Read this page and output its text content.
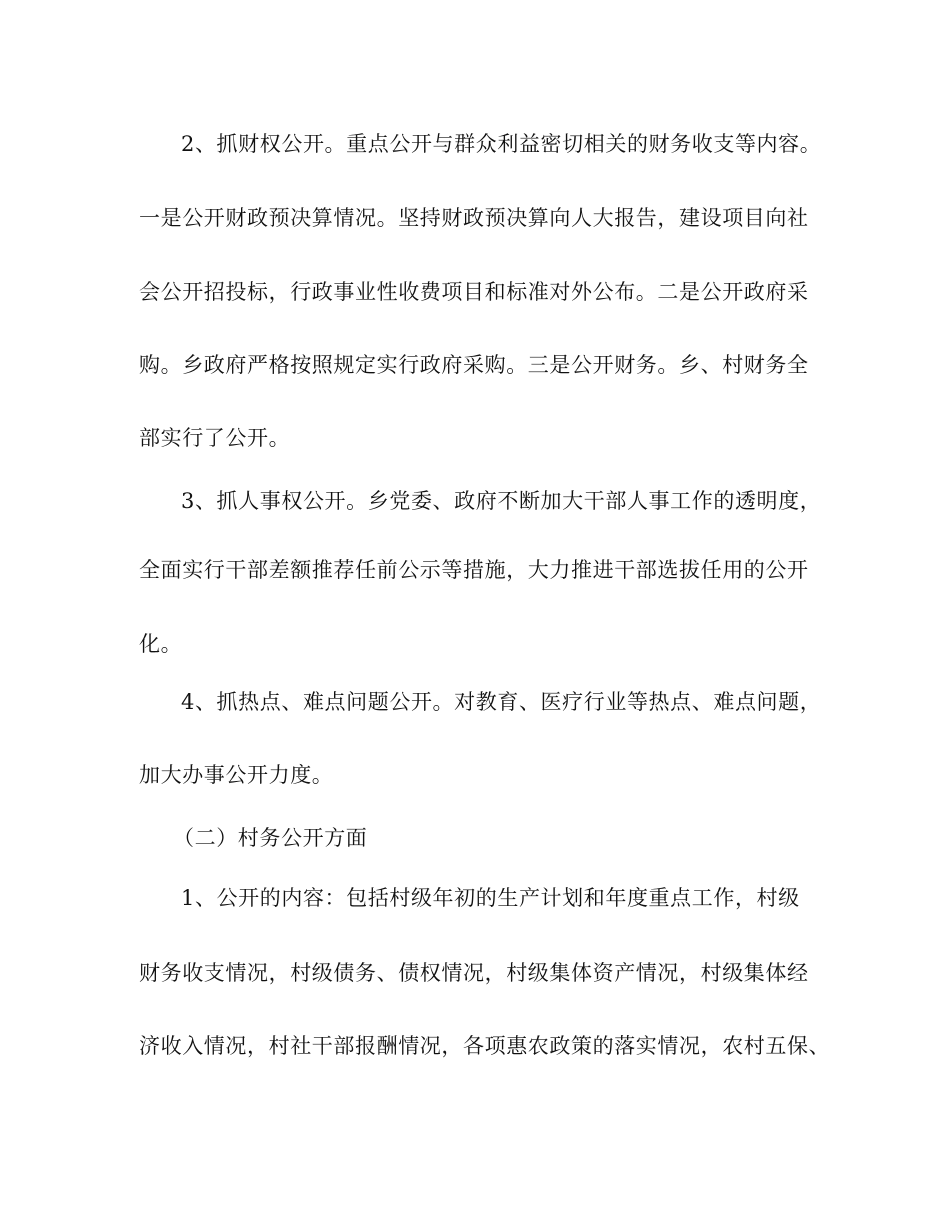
2、抓财权公开。重点公开与群众利益密切相关的财务收支等内容。
一是公开财政预决算情况。坚持财政预决算向人大报告，建设项目向社
会公开招投标，行政事业性收费项目和标准对外公布。二是公开政府采
购。乡政府严格按照规定实行政府采购。三是公开财务。乡、村财务全
部实行了公开。
3、抓人事权公开。乡党委、政府不断加大干部人事工作的透明度，
全面实行干部差额推荐任前公示等措施，大力推进干部选拔任用的公开
化。
4、抓热点、难点问题公开。对教育、医疗行业等热点、难点问题，
加大办事公开力度。
（二）村务公开方面
1、公开的内容：包括村级年初的生产计划和年度重点工作，村级
财务收支情况，村级债务、债权情况，村级集体资产情况，村级集体经
济收入情况，村社干部报酬情况，各项惠农政策的落实情况，农村五保、
